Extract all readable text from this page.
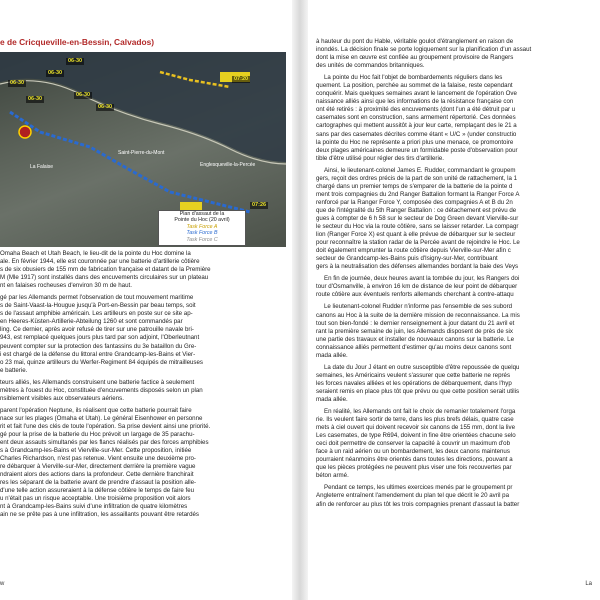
e de Cricqueville-en-Bessin, Calvados)
06-30
06-30
06-30
06-30
06-30
06-30
07:20
07:26
Saint-Pierre-du-Mont
Englesqueville-la-Percée
La Falaise
Plan d'assaut de la
Pointe du Hoc (20 avril)
Task Force A
Task Force B
Task Force C

Omaha Beach et Utah Beach, le lieu-dit de la pointe du Hoc domine la

ale. En février 1944, elle est couronnée par une batterie d'artillerie côtière

s de six obusiers de 155 mm de fabrication française et datant de la Première

M (Mle 1917) sont installés dans des encuvements circulaires sur un plateau

nt en falaises rocheuses d'environ 30 m de haut.

gé par les Allemands permet l'observation de tout mouvement maritime

s de Saint-Vaast-la-Hougue jusqu'à Port-en-Bessin par beau temps, soit

s de l'assaut amphibie américain. Les artilleurs en poste sur ce site ap-

en Heeres-Küsten-Artillerie-Abteilung 1260 et sont commandés par

ling. Ce dernier, après avoir refusé de tirer sur une patrouille navale bri-

943, est remplacé quelques jours plus tard par son adjoint, l'Oberleutnant

peuvent compter sur la protection des fantassins du 3e bataillon du Gre-

i est chargé de la défense du littoral entre Grandcamp-les-Bains et Vier-

o 23 mai, quinze artilleurs du Werfer-Regiment 84 équipés de mitrailleuses

e batterie.

teurs alliés, les Allemands construisent une batterie factice à seulement

mètres à l'ouest du Hoc, constituée d'encuvements disposés selon un plan

nsiblement visibles aux observateurs aériens.

parent l'opération Neptune, ils réalisent que cette batterie pourrait faire

nace sur les plages (Omaha et Utah). Le général Eisenhower en personne

rit et fait l'une des clés de toute l'opération. Sa prise devient ainsi une priorité.

gé pour la prise de la batterie du Hoc prévoit un largage de 35 parachu-

ent deux assauts simultanés par les flancs réalisés par des forces amphibies

s à Grandcamp-les-Bains et Vierville-sur-Mer. Cette proposition, initiée

Charles Richardson, n'est pas retenue. Vient ensuite une deuxième pro-

re débarquer à Vierville-sur-Mer, directement derrière la première vague

ndraient alors des actions dans la profondeur. Cette dernière franchirait

res les séparant de la batterie avant de prendre d'assaut la position alle-

d'une telle action assureraient à la défense côtière le temps de faire feu

u n'était pas un risque acceptable. Une troisième proposition voit alors

nt à Grandcamp-les-Bains suivi d'une infiltration de quatre kilomètres

ain ne se prête pas à une infiltration, les assaillants pouvant être retardés

w

à hauteur du pont du Hable, véritable goulot d'étranglement en raison de

inondés. La décision finale se porte logiquement sur la planification d'un assaut

dont la mise en œuvre est confiée au groupement provisoire de Rangers

des unités de commandos britanniques.

La pointe du Hoc fait l'objet de bombardements réguliers dans les

quement. La position, perchée au sommet de la falaise, reste cependant

conquérir. Mais quelques semaines avant le lancement de l'opération Ove

naissance alliés ainsi que les informations de la résistance française con

ont été retirés : à proximité des encuvements (dont l'un a été détruit par u

casemates sont en construction, sans armement répertorié. Ces données

cartographes qui mettent aussitôt à jour leur carte, remplaçant des le 21 a

sans par des casemates décrites comme étant « U/C » (under constructio

la pointe du Hoc ne représente a priori plus une menace, ce promontoire

deux plages américaines demeure un formidable poste d'observation pour

tible d'être utilisé pour régler des tirs d'artillerie.

Ainsi, le lieutenant-colonel James E. Rudder, commandant le groupem

gers, reçoit des ordres précis de la part de son unité de rattachement, la 1

chargé dans un premier temps de s'emparer de la batterie de la pointe d

ment trois compagnies du 2nd Ranger Battalion formant la Ranger Force A

renforcé par la Ranger Force Y, composée des compagnies A et B du 2n

que de l'intégralité du 5th Ranger Battalion : ce détachement est prévu de

gues à compter de 6 h 58 sur le secteur de Dog Green devant Vierville-sur

le secteur du Hoc via la route côtière, sans se laisser retarder. La compagr

lion (Ranger Force X) est quant à elle prévue de débarquer sur le secteur

pour reconnaître la station radar de la Percée avant de rejoindre le Hoc. Le

doit également emprunter la route côtière depuis Vierville-sur-Mer afin c

secteur de Grandcamp-les-Bains puis d'Isigny-sur-Mer, contribuant

gers à la neutralisation des défenses allemandes bordant la baie des Veys

En fin de journée, deux heures avant la tombée du jour, les Rangers doi

tour d'Osmanville, à environ 16 km de distance de leur point de débarquer

route côtière aux éventuels renforts allemands cherchant à contre-attaqu

Le lieutenant-colonel Rudder n'informe pas l'ensemble de ses subord

canons au Hoc à la suite de la dernière mission de reconnaissance. La mis

tout son bien-fondé : le dernier renseignement à jour datant du 21 avril et

rant la première semaine de juin, les Allemands disposent de près de six

une partie des travaux et installer de nouveaux canons sur la batterie. Le

connaissance alliés permettent d'estimer qu'au moins deux canons sont

mada allée.

La date du Jour J étant en outre susceptible d'être repoussée de quelqu

semaines, les Américains veulent s'assurer que cette batterie ne représ

les forces navales alliées et les opérations de débarquement, dans l'hyp

seraient remis en place plus tôt que prévu ou que cette position serait utilis

mada allée.

En réalité, les Allemands ont fait le choix de remanier totalement l'orga

rie. Ils veulent faire sortir de terre, dans les plus brefs délais, quatre case

mets à ciel ouvert qui doivent recevoir six canons de 155 mm, dont la live

Les casemates, de type R694, doivent in fine être orientées chacune selo

ceci doit permettre de conserver la capacité à couvrir un maximum d'ob

face à un raid aérien ou un bombardement, les deux canons maintenus

pourraient néanmoins être orientés dans toutes les directions, pouvant a

que les pièces protégées ne peuvent plus viser une fois recouvertes par

béton armé.

Pendant ce temps, les ultimes exercices menés par le groupement pr

Angleterre entraînent l'amendement du plan tel que décrit le 20 avril pa

afin de renforcer au plus tôt les trois compagnies prenant d'assaut la batter

La
